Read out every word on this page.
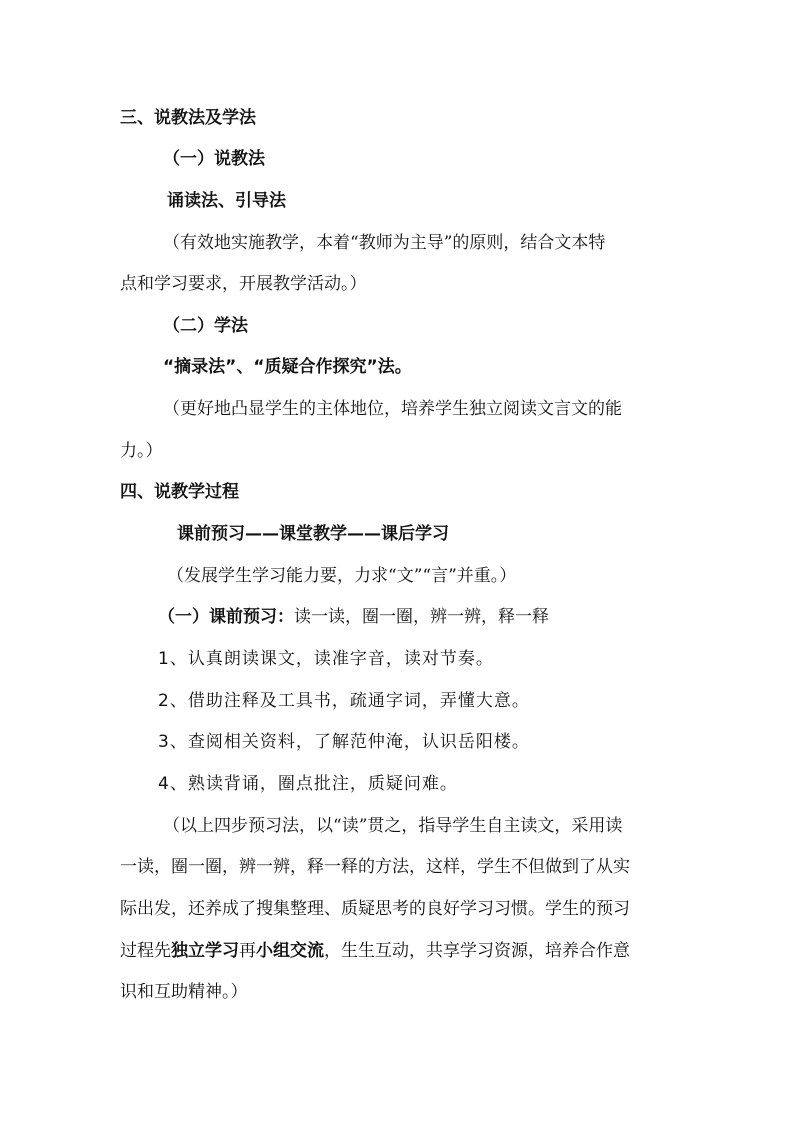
三、说教法及学法
（一）说教法
诵读法、引导法
（有效地实施教学，本着“教师为主导”的原则，结合文本特
点和学习要求，开展教学活动。）
（二）学法
“摘录法”、“质疑合作探究”法。
（更好地凸显学生的主体地位，培养学生独立阅读文言文的能
力。）
四、说教学过程
课前预习——课堂教学——课后学习
（发展学生学习能力要，力求“文”“言”并重。）
（一）课前预习：读一读，圈一圈，辨一辨，释一释
1、认真朗读课文，读准字音，读对节奏。
2、借助注释及工具书，疏通字词，弄懂大意。
3、查阅相关资料，了解范仲淹，认识岳阳楼。
4、熟读背诵，圈点批注，质疑问难。
（以上四步预习法，以“读”贯之，指导学生自主读文，采用读
一读，圈一圈，辨一辨，释一释的方法，这样，学生不但做到了从实
际出发，还养成了搜集整理、质疑思考的良好学习习惯。学生的预习
过程先独立学习再小组交流，生生互动，共享学习资源，培养合作意
识和互助精神。）
